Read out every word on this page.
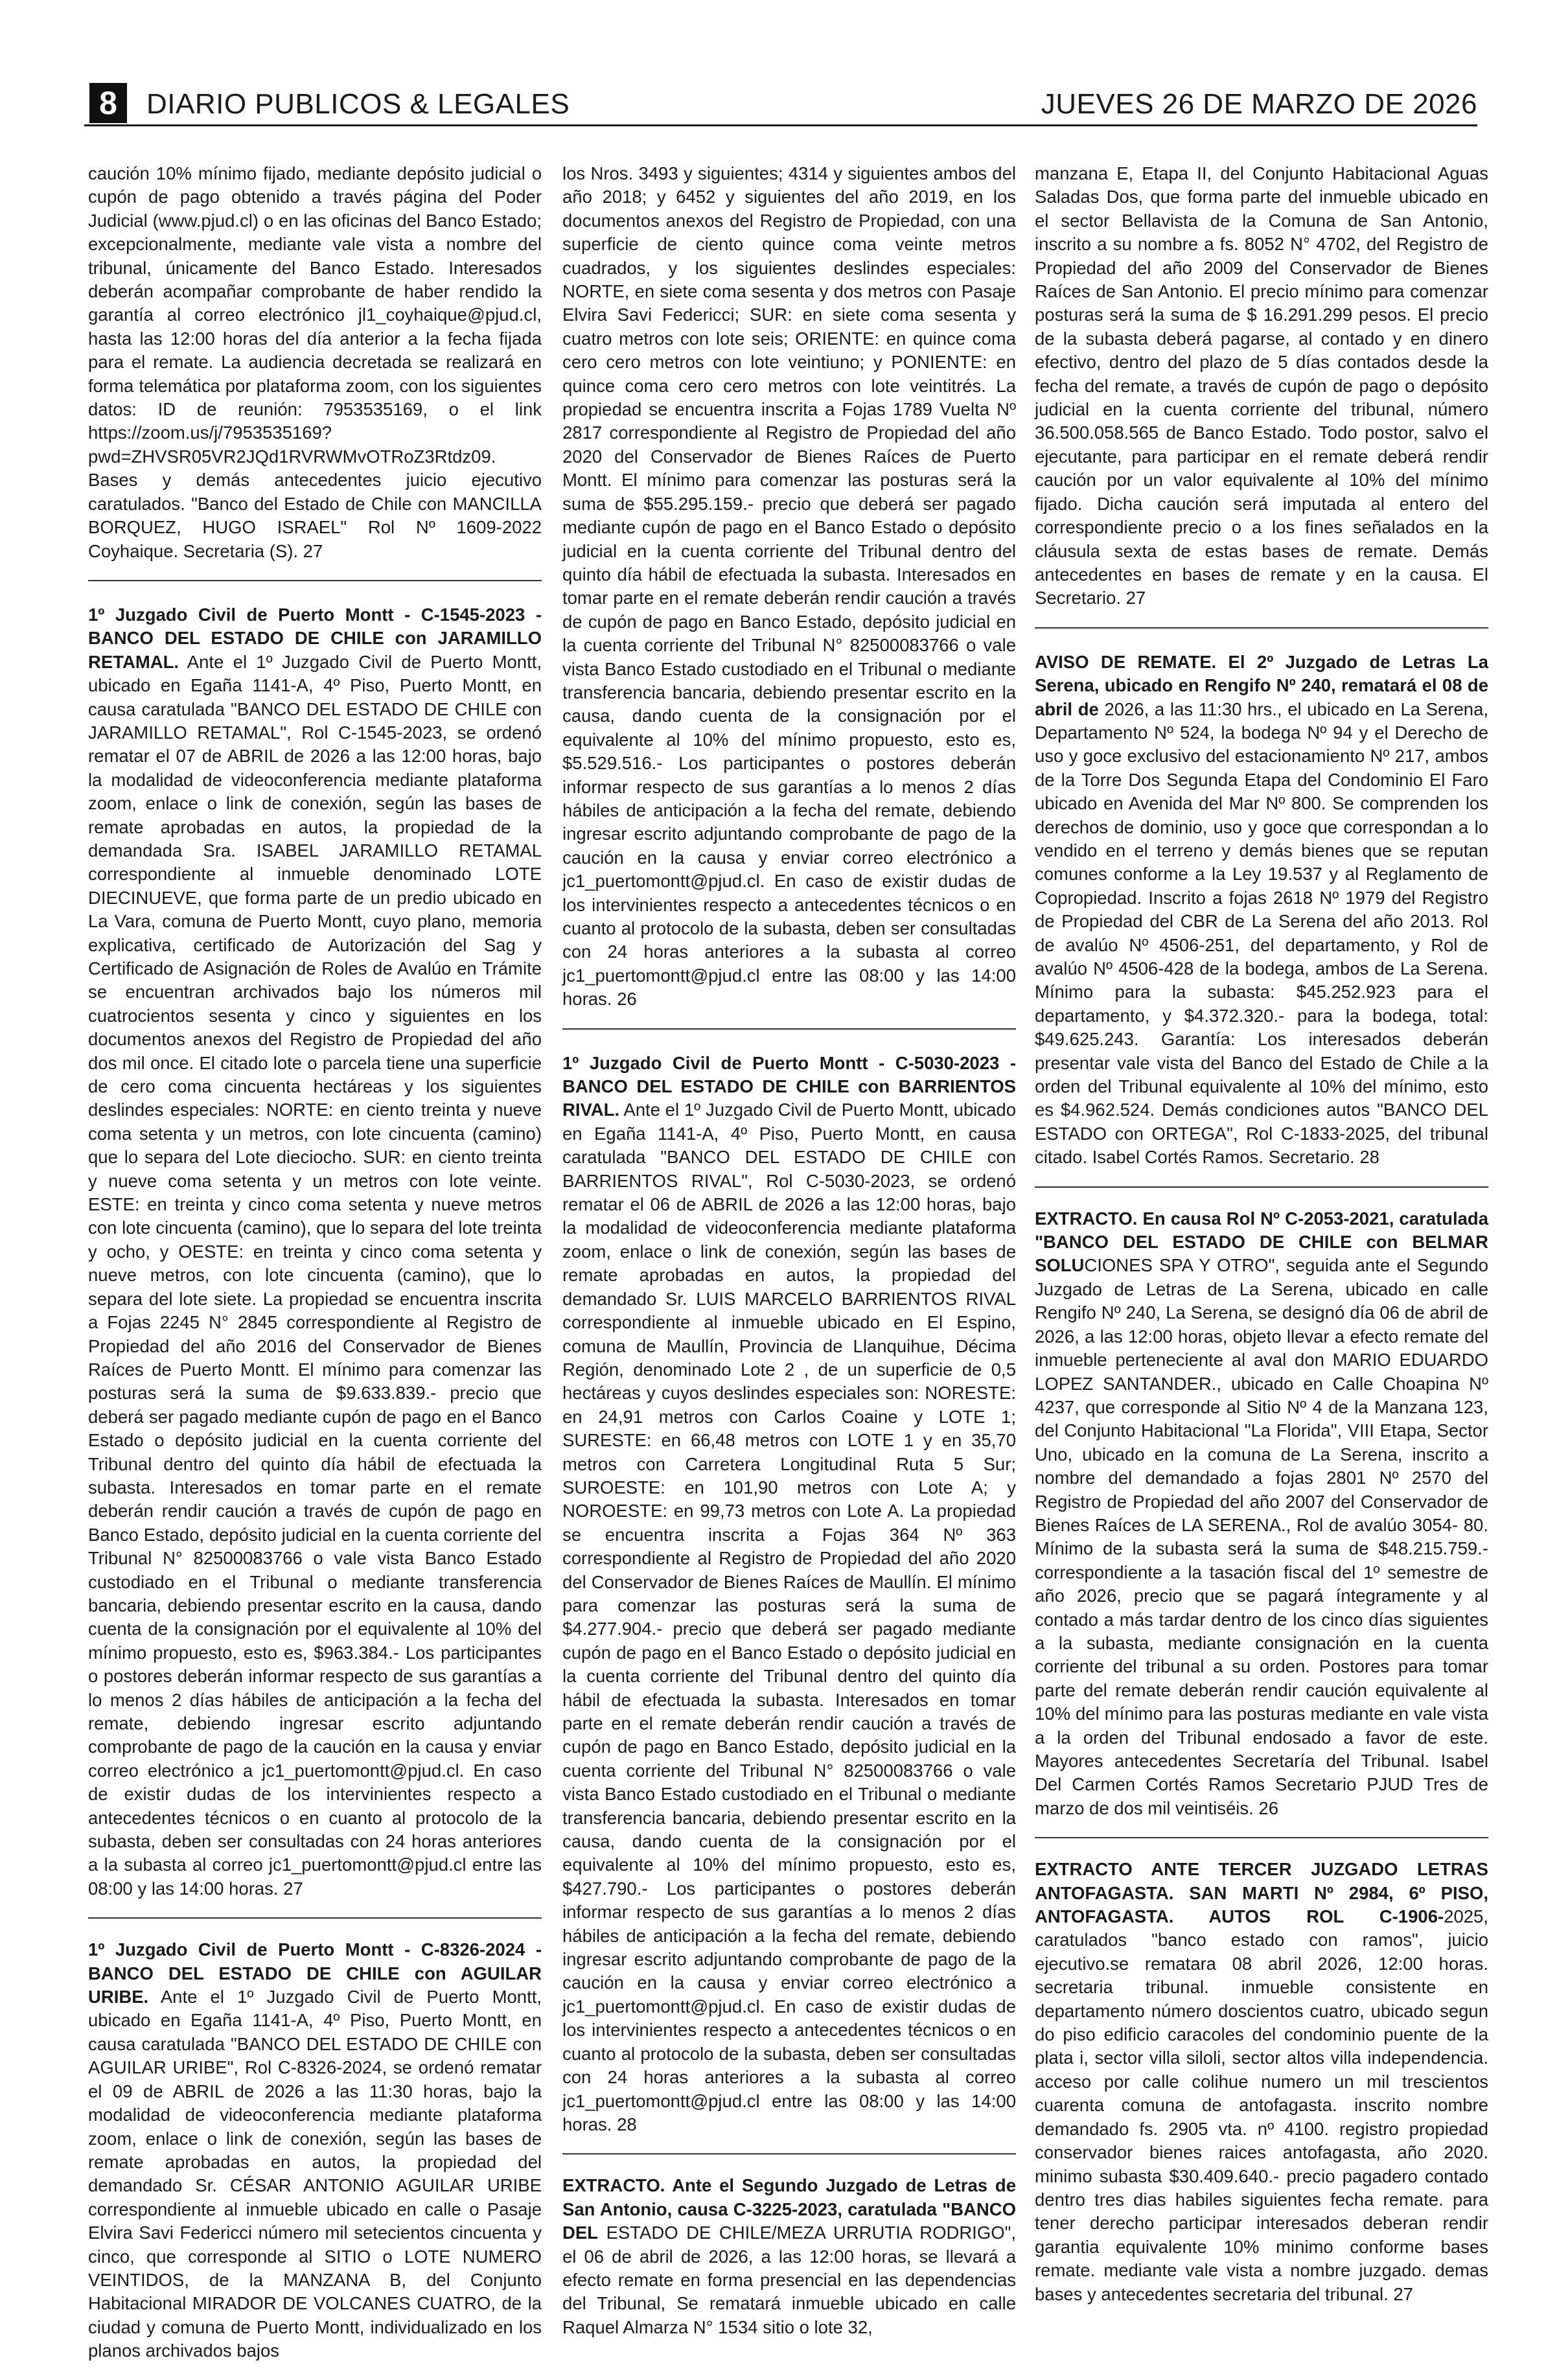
8	DIARIO PUBLICOS & LEGALES	JUEVES 26 DE MARZO DE 2026

caución 10% mínimo fijado, mediante depósito judicial o cupón de pago obtenido a través página del Poder Judicial (www.pjud.cl) o en las oficinas del Banco Estado; excepcionalmente, mediante vale vista a nombre del tribunal, únicamente del Banco Estado. Interesados deberán acompañar comprobante de haber rendido la garantía al correo electrónico jl1_coyhaique@pjud.cl, hasta las 12:00 horas del día anterior a la fecha fijada para el remate. La audiencia decretada se realizará en forma telemática por plataforma zoom, con los siguientes datos: ID de reunión: 7953535169, o el link https://zoom.us/j/7953535169?pwd=ZHVSR05VR2JQd1RVRWMvOTRoZ3Rtdz09. Bases y demás antecedentes juicio ejecutivo caratulados. "Banco del Estado de Chile con MANCILLA BORQUEZ, HUGO ISRAEL" Rol Nº 1609-2022 Coyhaique. Secretaria (S). 27

1º Juzgado Civil de Puerto Montt - C-1545-2023 - BANCO DEL ESTADO DE CHILE con JARAMILLO RETAMAL. Ante el 1º Juzgado Civil de Puerto Montt, ubicado en Egaña 1141-A, 4º Piso, Puerto Montt, en causa caratulada "BANCO DEL ESTADO DE CHILE con JARAMILLO RETAMAL", Rol C-1545-2023, se ordenó rematar el 07 de ABRIL de 2026 a las 12:00 horas, bajo la modalidad de videoconferencia mediante plataforma zoom, enlace o link de conexión, según las bases de remate aprobadas en autos, la propiedad de la demandada Sra. ISABEL JARAMILLO RETAMAL correspondiente al inmueble denominado LOTE DIECINUEVE, que forma parte de un predio ubicado en La Vara, comuna de Puerto Montt, cuyo plano, memoria explicativa, certificado de Autorización del Sag y Certificado de Asignación de Roles de Avalúo en Trámite se encuentran archivados bajo los números mil cuatrocientos sesenta y cinco y siguientes en los documentos anexos del Registro de Propiedad del año dos mil once. El citado lote o parcela tiene una superficie de cero coma cincuenta hectáreas y los siguientes deslindes especiales: NORTE: en ciento treinta y nueve coma setenta y un metros, con lote cincuenta (camino) que lo separa del Lote dieciocho. SUR: en ciento treinta y nueve coma setenta y un metros con lote veinte. ESTE: en treinta y cinco coma setenta y nueve metros con lote cincuenta (camino), que lo separa del lote treinta y ocho, y OESTE: en treinta y cinco coma setenta y nueve metros, con lote cincuenta (camino), que lo separa del lote siete. La propiedad se encuentra inscrita a Fojas 2245 N° 2845 correspondiente al Registro de Propiedad del año 2016 del Conservador de Bienes Raíces de Puerto Montt. El mínimo para comenzar las posturas será la suma de $9.633.839.- precio que deberá ser pagado mediante cupón de pago en el Banco Estado o depósito judicial en la cuenta corriente del Tribunal dentro del quinto día hábil de efectuada la subasta. Interesados en tomar parte en el remate deberán rendir caución a través de cupón de pago en Banco Estado, depósito judicial en la cuenta corriente del Tribunal N° 82500083766 o vale vista Banco Estado custodiado en el Tribunal o mediante transferencia bancaria, debiendo presentar escrito en la causa, dando cuenta de la consignación por el equivalente al 10% del mínimo propuesto, esto es, $963.384.- Los participantes o postores deberán informar respecto de sus garantías a lo menos 2 días hábiles de anticipación a la fecha del remate, debiendo ingresar escrito adjuntando comprobante de pago de la caución en la causa y enviar correo electrónico a jc1_puertomontt@pjud.cl. En caso de existir dudas de los intervinientes respecto a antecedentes técnicos o en cuanto al protocolo de la subasta, deben ser consultadas con 24 horas anteriores a la subasta al correo jc1_puertomontt@pjud.cl entre las 08:00 y las 14:00 horas. 27

1º Juzgado Civil de Puerto Montt - C-8326-2024 - BANCO DEL ESTADO DE CHILE con AGUILAR URIBE. Ante el 1º Juzgado Civil de Puerto Montt, ubicado en Egaña 1141-A, 4º Piso, Puerto Montt, en causa caratulada "BANCO DEL ESTADO DE CHILE con AGUILAR URIBE", Rol C-8326-2024, se ordenó rematar el 09 de ABRIL de 2026 a las 11:30 horas, bajo la modalidad de videoconferencia mediante plataforma zoom, enlace o link de conexión, según las bases de remate aprobadas en autos, la propiedad del demandado Sr. CÉSAR ANTONIO AGUILAR URIBE correspondiente al inmueble ubicado en calle o Pasaje Elvira Savi Federicci número mil setecientos cincuenta y cinco, que corresponde al SITIO o LOTE NUMERO VEINTIDOS, de la MANZANA B, del Conjunto Habitacional MIRADOR DE VOLCANES CUATRO, de la ciudad y comuna de Puerto Montt, individualizado en los planos archivados bajos

los Nros. 3493 y siguientes; 4314 y siguientes ambos del año 2018; y 6452 y siguientes del año 2019, en los documentos anexos del Registro de Propiedad, con una superficie de ciento quince coma veinte metros cuadrados, y los siguientes deslindes especiales: NORTE, en siete coma sesenta y dos metros con Pasaje Elvira Savi Federicci; SUR: en siete coma sesenta y cuatro metros con lote seis; ORIENTE: en quince coma cero cero metros con lote veintiuno; y PONIENTE: en quince coma cero cero metros con lote veintitrés. La propiedad se encuentra inscrita a Fojas 1789 Vuelta Nº 2817 correspondiente al Registro de Propiedad del año 2020 del Conservador de Bienes Raíces de Puerto Montt. El mínimo para comenzar las posturas será la suma de $55.295.159.- precio que deberá ser pagado mediante cupón de pago en el Banco Estado o depósito judicial en la cuenta corriente del Tribunal dentro del quinto día hábil de efectuada la subasta. Interesados en tomar parte en el remate deberán rendir caución a través de cupón de pago en Banco Estado, depósito judicial en la cuenta corriente del Tribunal N° 82500083766 o vale vista Banco Estado custodiado en el Tribunal o mediante transferencia bancaria, debiendo presentar escrito en la causa, dando cuenta de la consignación por el equivalente al 10% del mínimo propuesto, esto es, $5.529.516.- Los participantes o postores deberán informar respecto de sus garantías a lo menos 2 días hábiles de anticipación a la fecha del remate, debiendo ingresar escrito adjuntando comprobante de pago de la caución en la causa y enviar correo electrónico a jc1_puertomontt@pjud.cl. En caso de existir dudas de los intervinientes respecto a antecedentes técnicos o en cuanto al protocolo de la subasta, deben ser consultadas con 24 horas anteriores a la subasta al correo jc1_puertomontt@pjud.cl entre las 08:00 y las 14:00 horas. 26

1º Juzgado Civil de Puerto Montt - C-5030-2023 - BANCO DEL ESTADO DE CHILE con BARRIENTOS RIVAL. Ante el 1º Juzgado Civil de Puerto Montt, ubicado en Egaña 1141-A, 4º Piso, Puerto Montt, en causa caratulada "BANCO DEL ESTADO DE CHILE con BARRIENTOS RIVAL", Rol C-5030-2023, se ordenó rematar el 06 de ABRIL de 2026 a las 12:00 horas, bajo la modalidad de videoconferencia mediante plataforma zoom, enlace o link de conexión, según las bases de remate aprobadas en autos, la propiedad del demandado Sr. LUIS MARCELO BARRIENTOS RIVAL correspondiente al inmueble ubicado en El Espino, comuna de Maullín, Provincia de Llanquihue, Décima Región, denominado Lote 2 , de un superficie de 0,5 hectáreas y cuyos deslindes especiales son: NORESTE: en 24,91 metros con Carlos Coaine y LOTE 1; SURESTE: en 66,48 metros con LOTE 1 y en 35,70 metros con Carretera Longitudinal Ruta 5 Sur; SUROESTE: en 101,90 metros con Lote A; y NOROESTE: en 99,73 metros con Lote A. La propiedad se encuentra inscrita a Fojas 364 Nº 363 correspondiente al Registro de Propiedad del año 2020 del Conservador de Bienes Raíces de Maullín. El mínimo para comenzar las posturas será la suma de $4.277.904.- precio que deberá ser pagado mediante cupón de pago en el Banco Estado o depósito judicial en la cuenta corriente del Tribunal dentro del quinto día hábil de efectuada la subasta. Interesados en tomar parte en el remate deberán rendir caución a través de cupón de pago en Banco Estado, depósito judicial en la cuenta corriente del Tribunal N° 82500083766 o vale vista Banco Estado custodiado en el Tribunal o mediante transferencia bancaria, debiendo presentar escrito en la causa, dando cuenta de la consignación por el equivalente al 10% del mínimo propuesto, esto es, $427.790.- Los participantes o postores deberán informar respecto de sus garantías a lo menos 2 días hábiles de anticipación a la fecha del remate, debiendo ingresar escrito adjuntando comprobante de pago de la caución en la causa y enviar correo electrónico a jc1_puertomontt@pjud.cl. En caso de existir dudas de los intervinientes respecto a antecedentes técnicos o en cuanto al protocolo de la subasta, deben ser consultadas con 24 horas anteriores a la subasta al correo jc1_puertomontt@pjud.cl entre las 08:00 y las 14:00 horas. 28

EXTRACTO. Ante el Segundo Juzgado de Letras de San Antonio, causa C-3225-2023, caratulada "BANCO DEL ESTADO DE CHILE/MEZA URRUTIA RODRIGO", el 06 de abril de 2026, a las 12:00 horas, se llevará a efecto remate en forma presencial en las dependencias del Tribunal, Se rematará inmueble ubicado en calle Raquel Almarza N° 1534 sitio o lote 32,

manzana E, Etapa II, del Conjunto Habitacional Aguas Saladas Dos, que forma parte del inmueble ubicado en el sector Bellavista de la Comuna de San Antonio, inscrito a su nombre a fs. 8052 N° 4702, del Registro de Propiedad del año 2009 del Conservador de Bienes Raíces de San Antonio. El precio mínimo para comenzar posturas será la suma de $ 16.291.299 pesos. El precio de la subasta deberá pagarse, al contado y en dinero efectivo, dentro del plazo de 5 días contados desde la fecha del remate, a través de cupón de pago o depósito judicial en la cuenta corriente del tribunal, número 36.500.058.565 de Banco Estado. Todo postor, salvo el ejecutante, para participar en el remate deberá rendir caución por un valor equivalente al 10% del mínimo fijado. Dicha caución será imputada al entero del correspondiente precio o a los fines señalados en la cláusula sexta de estas bases de remate. Demás antecedentes en bases de remate y en la causa. El Secretario. 27

AVISO DE REMATE. El 2º Juzgado de Letras La Serena, ubicado en Rengifo Nº 240, rematará el 08 de abril de 2026, a las 11:30 hrs., el ubicado en La Serena, Departamento Nº 524, la bodega Nº 94 y el Derecho de uso y goce exclusivo del estacionamiento Nº 217, ambos de la Torre Dos Segunda Etapa del Condominio El Faro ubicado en Avenida del Mar Nº 800. Se comprenden los derechos de dominio, uso y goce que correspondan a lo vendido en el terreno y demás bienes que se reputan comunes conforme a la Ley 19.537 y al Reglamento de Copropiedad. Inscrito a fojas 2618 Nº 1979 del Registro de Propiedad del CBR de La Serena del año 2013. Rol de avalúo Nº 4506-251, del departamento, y Rol de avalúo Nº 4506-428 de la bodega, ambos de La Serena. Mínimo para la subasta: $45.252.923 para el departamento, y $4.372.320.- para la bodega, total: $49.625.243. Garantía: Los interesados deberán presentar vale vista del Banco del Estado de Chile a la orden del Tribunal equivalente al 10% del mínimo, esto es $4.962.524. Demás condiciones autos "BANCO DEL ESTADO con ORTEGA", Rol C-1833-2025, del tribunal citado. Isabel Cortés Ramos. Secretario. 28

EXTRACTO. En causa Rol Nº C-2053-2021, caratulada "BANCO DEL ESTADO DE CHILE con BELMAR SOLUCIONES SPA Y OTRO", seguida ante el Segundo Juzgado de Letras de La Serena, ubicado en calle Rengifo Nº 240, La Serena, se designó día 06 de abril de 2026, a las 12:00 horas, objeto llevar a efecto remate del inmueble perteneciente al aval don MARIO EDUARDO LOPEZ SANTANDER., ubicado en Calle Choapina Nº 4237, que corresponde al Sitio Nº 4 de la Manzana 123, del Conjunto Habitacional "La Florida", VIII Etapa, Sector Uno, ubicado en la comuna de La Serena, inscrito a nombre del demandado a fojas 2801 Nº 2570 del Registro de Propiedad del año 2007 del Conservador de Bienes Raíces de LA SERENA., Rol de avalúo 3054- 80. Mínimo de la subasta será la suma de $48.215.759.- correspondiente a la tasación fiscal del 1º semestre de año 2026, precio que se pagará íntegramente y al contado a más tardar dentro de los cinco días siguientes a la subasta, mediante consignación en la cuenta corriente del tribunal a su orden. Postores para tomar parte del remate deberán rendir caución equivalente al 10% del mínimo para las posturas mediante en vale vista a la orden del Tribunal endosado a favor de este. Mayores antecedentes Secretaría del Tribunal. Isabel Del Carmen Cortés Ramos Secretario PJUD Tres de marzo de dos mil veintiséis. 26

EXTRACTO ANTE TERCER JUZGADO LETRAS ANTOFAGASTA. SAN MARTI Nº 2984, 6º PISO, ANTOFAGASTA. AUTOS ROL C-1906-2025, caratulados "banco estado con ramos", juicio ejecutivo.se rematara 08 abril 2026, 12:00 horas. secretaria tribunal. inmueble consistente en departamento número doscientos cuatro, ubicado segun do piso edificio caracoles del condominio puente de la plata i, sector villa siloli, sector altos villa independencia. acceso por calle colihue numero un mil trescientos cuarenta comuna de antofagasta. inscrito nombre demandado fs. 2905 vta. nº 4100. registro propiedad conservador bienes raices antofagasta, año 2020. minimo subasta $30.409.640.- precio pagadero contado dentro tres dias habiles siguientes fecha remate. para tener derecho participar interesados deberan rendir garantia equivalente 10% minimo conforme bases remate. mediante vale vista a nombre juzgado. demas bases y antecedentes secretaria del tribunal. 27
